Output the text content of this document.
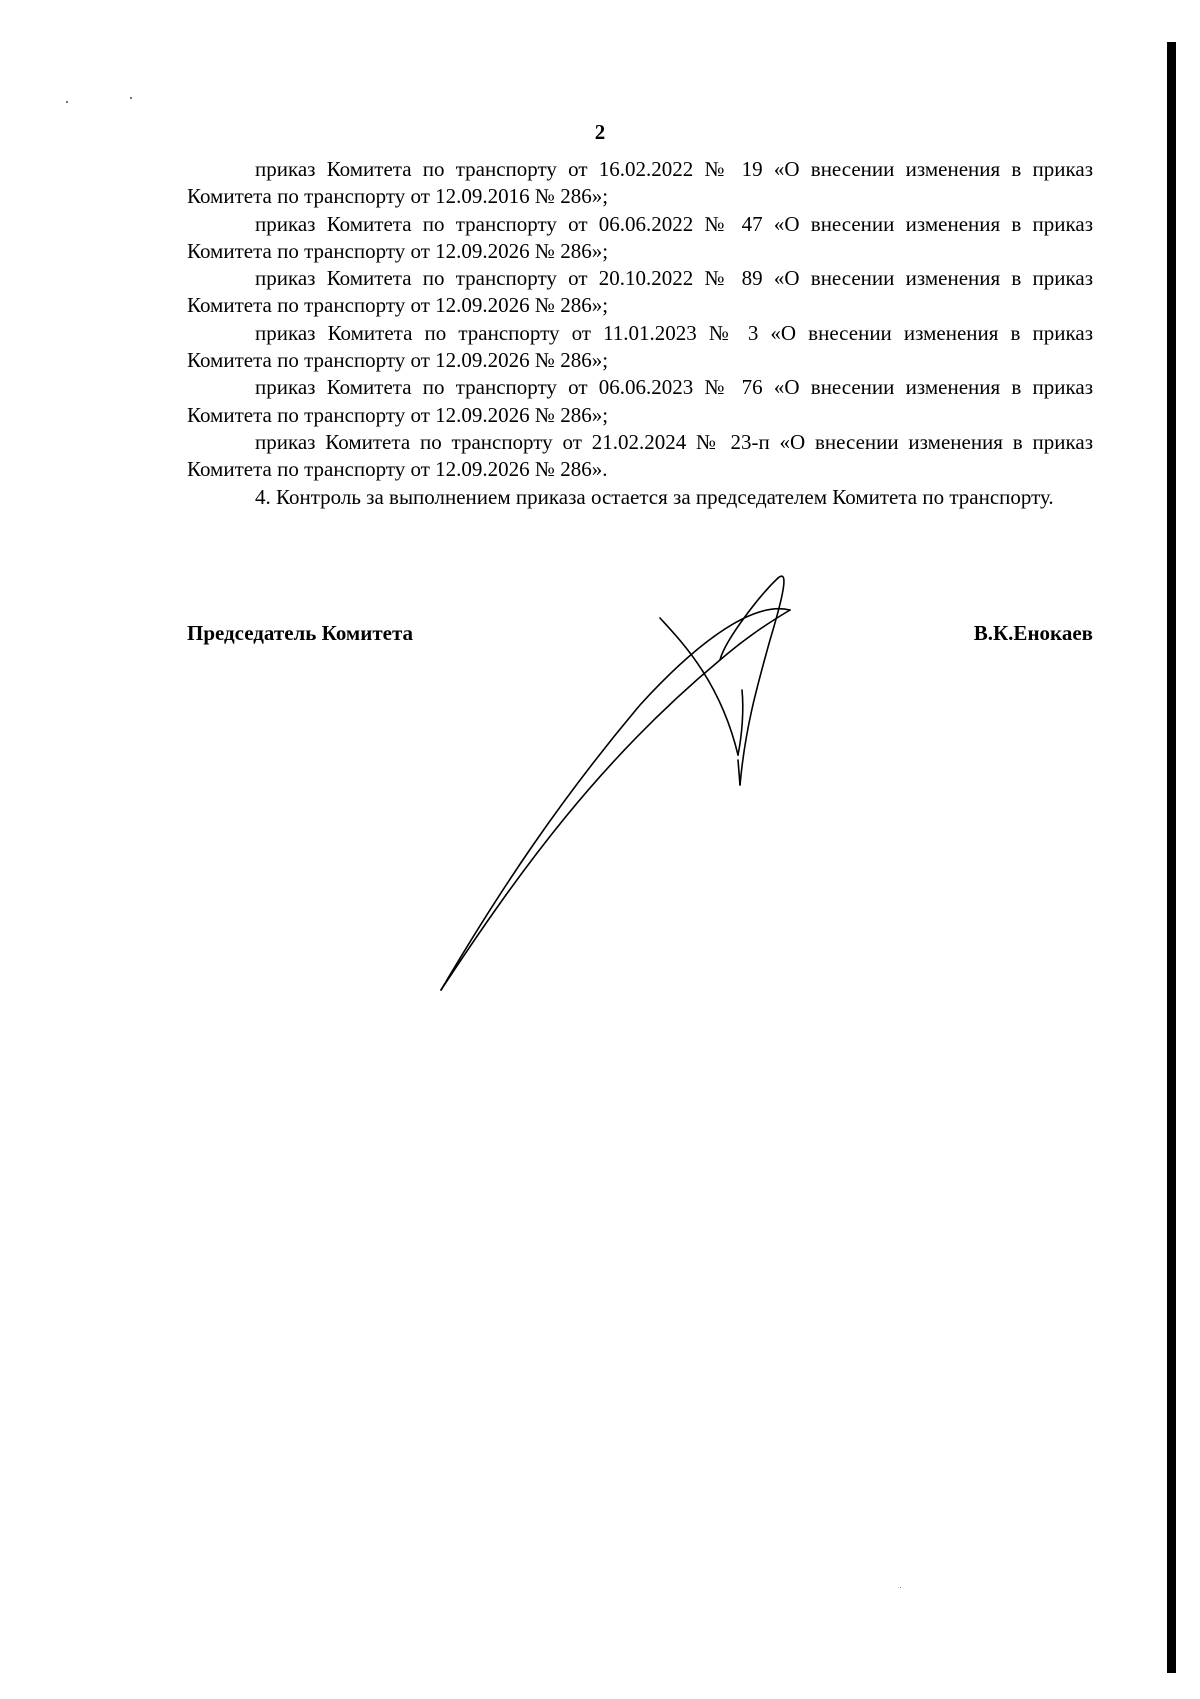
2

приказ Комитета по транспорту от 16.02.2022 № 19 «О внесении изменения в приказ Комитета по транспорту от 12.09.2016 № 286»;

приказ Комитета по транспорту от 06.06.2022 № 47 «О внесении изменения в приказ Комитета по транспорту от 12.09.2026 № 286»;

приказ Комитета по транспорту от 20.10.2022 № 89 «О внесении изменения в приказ Комитета по транспорту от 12.09.2026 № 286»;

приказ Комитета по транспорту от 11.01.2023 № 3 «О внесении изменения в приказ Комитета по транспорту от 12.09.2026 № 286»;

приказ Комитета по транспорту от 06.06.2023 № 76 «О внесении изменения в приказ Комитета по транспорту от 12.09.2026 № 286»;

приказ Комитета по транспорту от 21.02.2024 № 23-п «О внесении изменения в приказ Комитета по транспорту от 12.09.2026 № 286».

4. Контроль за выполнением приказа остается за председателем Комитета по транспорту.

Председатель Комитета	В.К.Енокаев
